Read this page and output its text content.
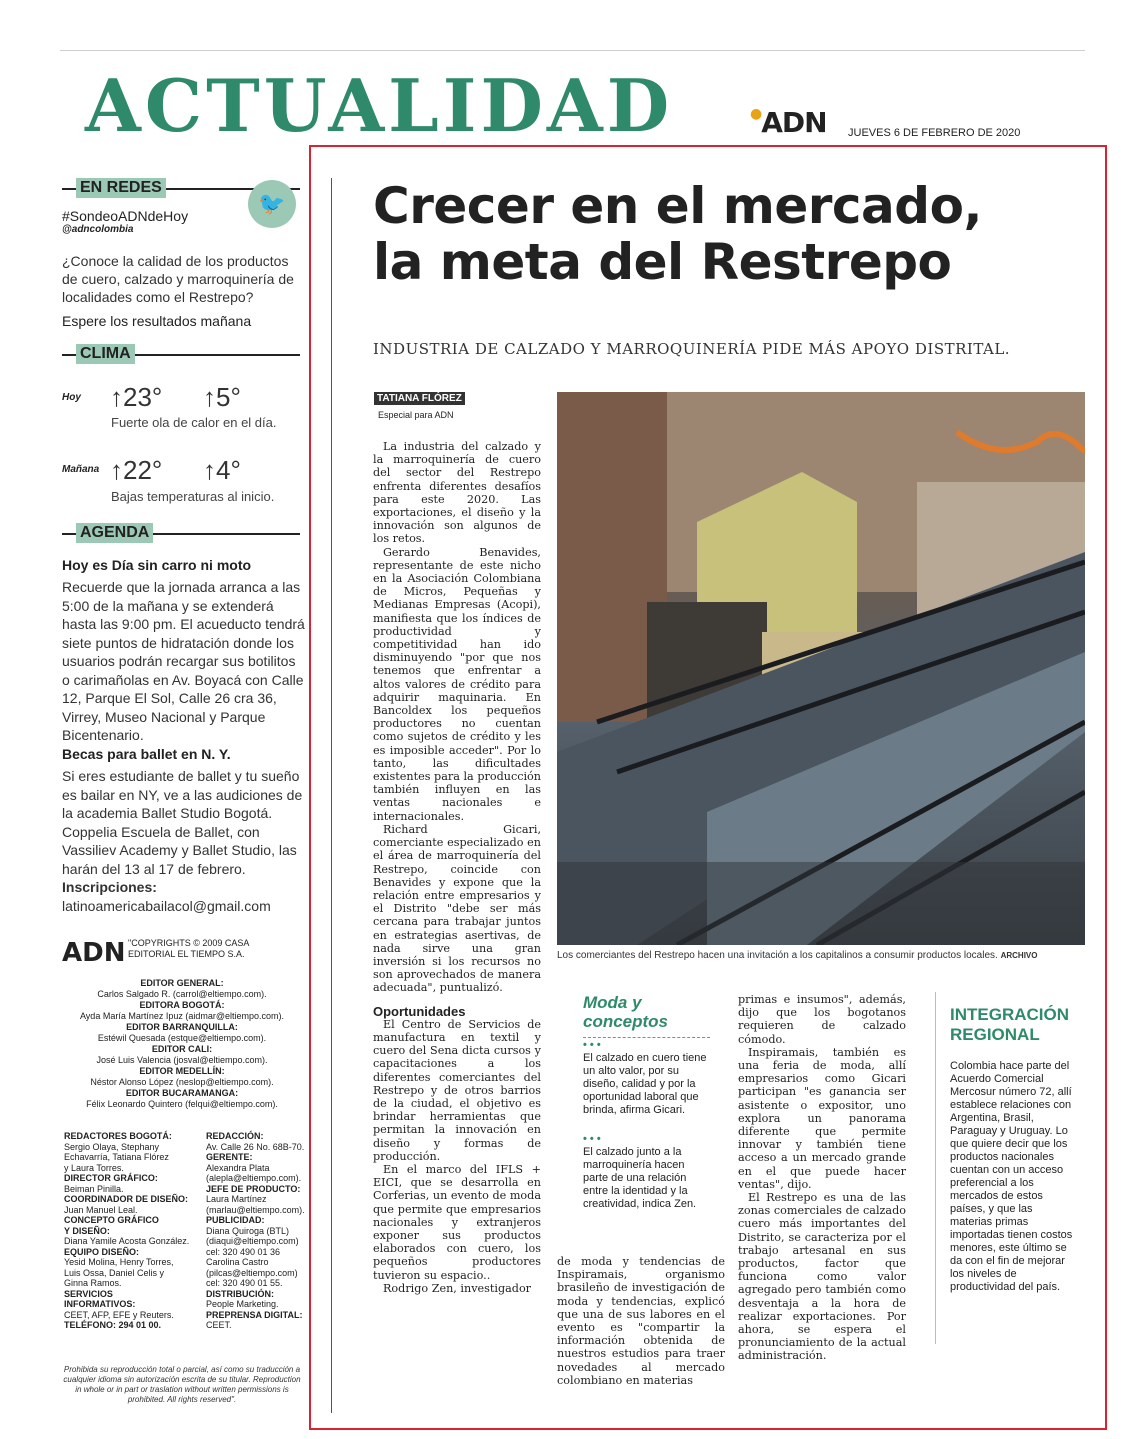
ACTUALIDAD	●ADN JUEVES 6 DE FEBRERO DE 2020
EN REDES
🐦
#SondeoADNdeHoy
@adncolombia
¿Conoce la calidad de los productos de cuero, calzado y marroquinería de localidades como el Restrepo?
Espere los resultados mañana
CLIMA
Hoy ↑23° ↑5°
Fuerte ola de calor en el día.
Mañana ↑22° ↑4°
Bajas temperaturas al inicio.
AGENDA
Hoy es Día sin carro ni moto
Recuerde que la jornada arranca a las 5:00 de la mañana y se extenderá hasta las 9:00 pm. El acueducto tendrá siete puntos de hidratación donde los usuarios podrán recargar sus botilitos o carimañolas en Av. Boyacá con Calle 12, Parque El Sol, Calle 26 cra 36, Virrey, Museo Nacional y Parque Bicentenario.
Becas para ballet en N. Y.
Si eres estudiante de ballet y tu sueño es bailar en NY, ve a las audiciones de la academia Ballet Studio Bogotá. Coppelia Escuela de Ballet, con Vassiliev Academy y Ballet Studio, las harán del 13 al 17 de febrero. Inscripciones: latinoamericabailacol@gmail.com
ADN "COPYRIGHTS © 2009 CASA EDITORIAL EL TIEMPO S.A.
EDITOR GENERAL:
Carlos Salgado R. (carrol@eltiempo.com).
EDITORA BOGOTÁ:
Ayda María Martínez Ipuz (aidmar@eltiempo.com).
EDITOR BARRANQUILLA:
Estéwil Quesada (estque@eltiempo.com).
EDITOR CALI:
José Luis Valencia (josval@eltiempo.com).
EDITOR MEDELLÍN:
Néstor Alonso López (neslop@eltiempo.com).
EDITOR BUCARAMANGA:
Félix Leonardo Quintero (felqui@eltiempo.com).
REDACTORES BOGOTÁ:
Sergio Olaya, Stephany
Echavarría, Tatiana Flórez
y Laura Torres.
DIRECTOR GRÁFICO:
Beiman Pinilla.
COORDINADOR DE DISEÑO:
Juan Manuel Leal.
CONCEPTO GRÁFICO
Y DISEÑO:
Diana Yamile Acosta González.
EQUIPO DISEÑO:
Yesid Molina, Henry Torres,
Luis Ossa, Daniel Celis y
Ginna Ramos.
SERVICIOS
INFORMATIVOS:
CEET, AFP, EFE y Reuters.
TELÉFONO: 294 01 00.
REDACCIÓN:
Av. Calle 26 No. 68B-70.
GERENTE:
Alexandra Plata
(alepla@eltiempo.com).
JEFE DE PRODUCTO:
Laura Martínez
(marlau@eltiempo.com).
PUBLICIDAD:
Diana Quiroga (BTL)
(diaqui@eltiempo.com)
cel: 320 490 01 36
Carolina Castro
(pilcas@eltiempo.com)
cel: 320 490 01 55.
DISTRIBUCIÓN:
People Marketing.
PREPRENSA DIGITAL:
CEET.
Prohibida su reproducción total o parcial, así como su traducción a cualquier idioma sin autorización escrita de su titular. Reproduction in whole or in part or traslation without written permissions is prohibited. All rights reserved".
Crecer en el mercado,
la meta del Restrepo
INDUSTRIA DE CALZADO Y MARROQUINERÍA PIDE MÁS APOYO DISTRITAL.
TATIANA FLÓREZ
Especial para ADN

La industria del calzado y la marroquinería de cuero del sector del Restrepo enfrenta diferentes desafíos para este 2020. Las exportaciones, el diseño y la innovación son algunos de los retos.

Gerardo Benavides, representante de este nicho en la Asociación Colombiana de Micros, Pequeñas y Medianas Empresas (Acopi), manifiesta que los índices de productividad y competitividad han ido disminuyendo "por que nos tenemos que enfrentar a altos valores de crédito para adquirir maquinaria. En Bancoldex los pequeños productores no cuentan como sujetos de crédito y les es imposible acceder". Por lo tanto, las dificultades existentes para la producción también influyen en las ventas nacionales e internacionales.

Richard Gicari, comerciante especializado en el área de marroquinería del Restrepo, coincide con Benavides y expone que la relación entre empresarios y el Distrito "debe ser más cercana para trabajar juntos en estrategias asertivas, de nada sirve una gran inversión si los recursos no son aprovechados de manera adecuada", puntualizó.

Oportunidades

El Centro de Servicios de manufactura en textil y cuero del Sena dicta cursos y capacitaciones a los diferentes comerciantes del Restrepo y de otros barrios de la ciudad, el objetivo es brindar herramientas que permitan la innovación en diseño y formas de producción.

En el marco del IFLS + EICI, que se desarrolla en Corferias, un evento de moda que permite que empresarios nacionales y extranjeros exponer sus productos elaborados con cuero, los pequeños productores tuvieron su espacio..

Rodrigo Zen, investigador

Los comerciantes del Restrepo hacen una invitación a los capitalinos a consumir productos locales. ARCHIVO
Moda y
conceptos
• • •
El calzado en cuero tiene un alto valor, por su diseño, calidad y por la oportunidad laboral que brinda, afirma Gicari.
• • •
El calzado junto a la marroquinería hacen parte de una relación entre la identidad y la creatividad, indica Zen.

de moda y tendencias de Inspiramais, organismo brasileño de investigación de moda y tendencias, explicó que una de sus labores en el evento es "compartir la información obtenida de nuestros estudios para traer novedades al mercado colombiano en materias

primas e insumos", además, dijo que los bogotanos requieren de calzado cómodo.

Inspiramais, también es una feria de moda, allí empresarios como Gicari participan "es ganancia ser asistente o expositor, uno explora un panorama diferente que permite innovar y también tiene acceso a un mercado grande en el que puede hacer ventas", dijo.

El Restrepo es una de las zonas comerciales de calzado cuero más importantes del Distrito, se caracteriza por el trabajo artesanal en sus productos, factor que funciona como valor agregado pero también como desventaja a la hora de realizar exportaciones. Por ahora, se espera el pronunciamiento de la actual administración.

INTEGRACIÓN
REGIONAL
Colombia hace parte del Acuerdo Comercial Mercosur número 72, allí establece relaciones con Argentina, Brasil, Paraguay y Uruguay. Lo que quiere decir que los productos nacionales cuentan con un acceso preferencial a los mercados de estos países, y que las materias primas importadas tienen costos menores, este último se da con el fin de mejorar los niveles de productividad del país.
